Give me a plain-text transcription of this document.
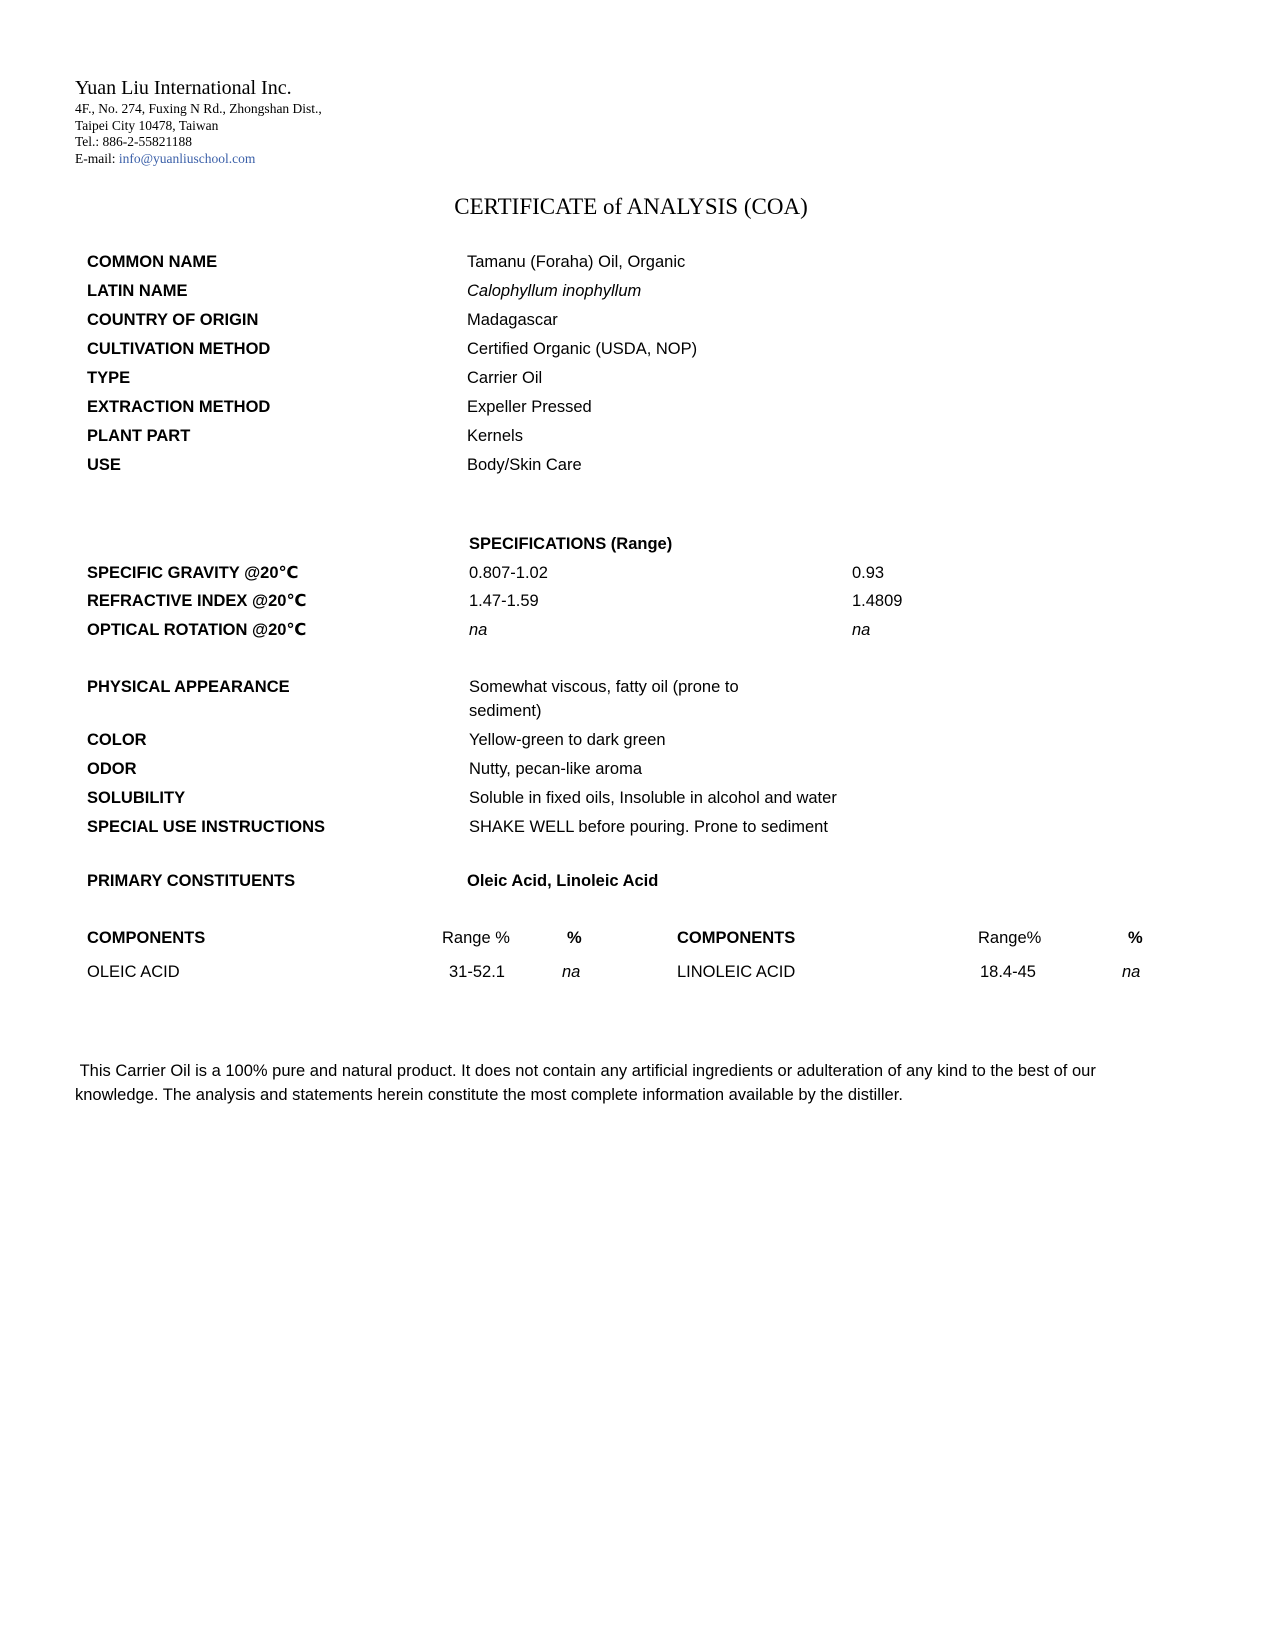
Yuan Liu International Inc.
4F., No. 274, Fuxing N Rd., Zhongshan Dist.,
Taipei City 10478, Taiwan
Tel.: 886-2-55821188
E-mail: info@yuanliuschool.com
CERTIFICATE of ANALYSIS (COA)
COMMON NAME	Tamanu (Foraha) Oil, Organic
LATIN NAME	Calophyllum inophyllum
COUNTRY OF ORIGIN	Madagascar
CULTIVATION METHOD	Certified Organic (USDA, NOP)
TYPE	Carrier Oil
EXTRACTION METHOD	Expeller Pressed
PLANT PART	Kernels
USE	Body/Skin Care
SPECIFICATIONS (Range)
SPECIFIC GRAVITY @20℃	0.807-1.02	0.93
REFRACTIVE INDEX @20℃	1.47-1.59	1.4809
OPTICAL ROTATION @20℃	na	na
PHYSICAL APPEARANCE	Somewhat viscous, fatty oil (prone to sediment)
COLOR	Yellow-green to dark green
ODOR	Nutty, pecan-like aroma
SOLUBILITY	Soluble in fixed oils, Insoluble in alcohol and water
SPECIAL USE INSTRUCTIONS	SHAKE WELL before pouring. Prone to sediment
PRIMARY CONSTITUENTS	Oleic Acid, Linoleic Acid
COMPONENTS	Range %	%	COMPONENTS	Range%	%
OLEIC ACID	31-52.1	na	LINOLEIC ACID	18.4-45	na
This Carrier Oil is a 100% pure and natural product. It does not contain any artificial ingredients or adulteration of any kind to the best of our knowledge. The analysis and statements herein constitute the most complete information available by the distiller.
